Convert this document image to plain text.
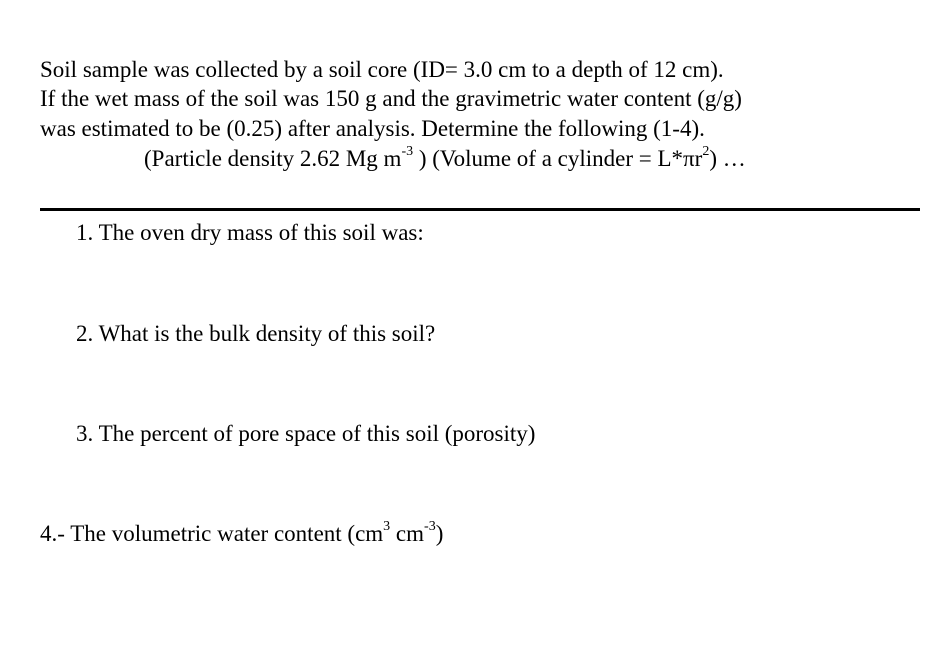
Soil sample was collected by a soil core (ID= 3.0 cm to a depth of 12 cm).
If the wet mass of the soil was 150 g and the gravimetric water content (g/g)
was estimated to be (0.25) after analysis. Determine the following (1-4).
(Particle density 2.62 Mg $m^{-3}$ ) (Volume of a cylinder = $L*\pi r^2$) …
1. The oven dry mass of this soil was:
2. What is the bulk density of this soil?
3. The percent of pore space of this soil (porosity)
4.- The volumetric water content ($cm^3$ $cm^{-3}$)
